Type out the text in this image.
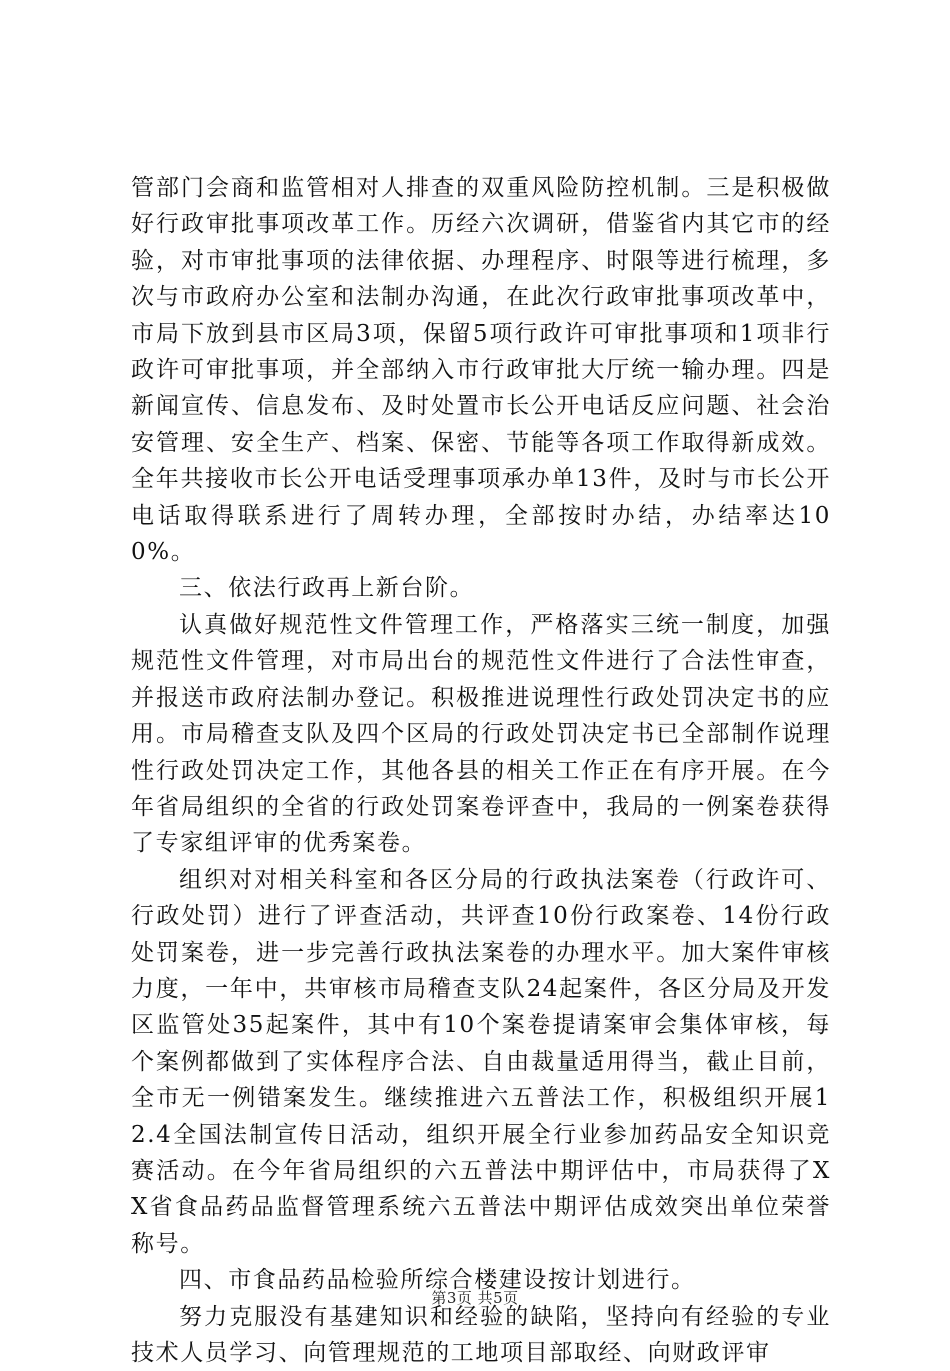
管部门会商和监管相对人排查的双重风险防控机制。三是积极做好行政审批事项改革工作。历经六次调研，借鉴省内其它市的经验，对市审批事项的法律依据、办理程序、时限等进行梳理，多次与市政府办公室和法制办沟通，在此次行政审批事项改革中，市局下放到县市区局3项，保留5项行政许可审批事项和1项非行政许可审批事项，并全部纳入市行政审批大厅统一输办理。四是新闻宣传、信息发布、及时处置市长公开电话反应问题、社会治安管理、安全生产、档案、保密、节能等各项工作取得新成效。全年共接收市长公开电话受理事项承办单13件，及时与市长公开电话取得联系进行了周转办理，全部按时办结，办结率达100%。

三、依法行政再上新台阶。

认真做好规范性文件管理工作，严格落实三统一制度，加强规范性文件管理，对市局出台的规范性文件进行了合法性审查，并报送市政府法制办登记。积极推进说理性行政处罚决定书的应用。市局稽查支队及四个区局的行政处罚决定书已全部制作说理性行政处罚决定工作，其他各县的相关工作正在有序开展。在今年省局组织的全省的行政处罚案卷评查中，我局的一例案卷获得了专家组评审的优秀案卷。

组织对对相关科室和各区分局的行政执法案卷（行政许可、行政处罚）进行了评查活动，共评查10份行政案卷、14份行政处罚案卷，进一步完善行政执法案卷的办理水平。加大案件审核力度，一年中，共审核市局稽查支队24起案件，各区分局及开发区监管处35起案件，其中有10个案卷提请案审会集体审核，每个案例都做到了实体程序合法、自由裁量适用得当，截止目前，全市无一例错案发生。继续推进六五普法工作，积极组织开展12.4全国法制宣传日活动，组织开展全行业参加药品安全知识竞赛活动。在今年省局组织的六五普法中期评估中，市局获得了XX省食品药品监督管理系统六五普法中期评估成效突出单位荣誉称号。

四、市食品药品检验所综合楼建设按计划进行。

努力克服没有基建知识和经验的缺陷，坚持向有经验的专业技术人员学习、向管理规范的工地项目部取经、向财政评审

第3页 共5页
